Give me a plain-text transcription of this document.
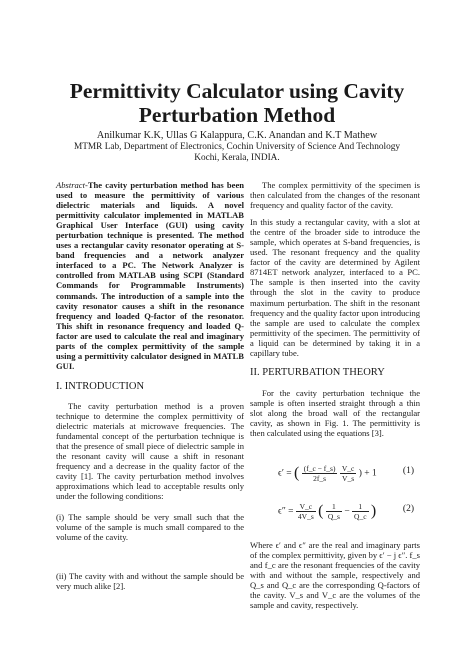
Permittivity Calculator using Cavity Perturbation Method
Anilkumar K.K, Ullas G Kalappura, C.K. Anandan and K.T Mathew
MTMR Lab, Department of Electronics, Cochin University of Science And Technology
Kochi, Kerala, INDIA.

Abstract-The cavity perturbation method has been used to measure the permittivity of various dielectric materials and liquids. A novel permittivity calculator implemented in MATLAB Graphical User Interface (GUI) using cavity perturbation technique is presented. The method uses a rectangular cavity resonator operating at S-band frequencies and a network analyzer interfaced to a PC. The Network Analyzer is controlled from MATLAB using SCPI (Standard Commands for Programmable Instruments) commands. The introduction of a sample into the cavity resonator causes a shift in the resonance frequency and loaded Q-factor of the resonator. This shift in resonance frequency and loaded Q-factor are used to calculate the real and imaginary parts of the complex permittivity of the sample using a permittivity calculator designed in MATLB GUI.

I. INTRODUCTION

The cavity perturbation method is a proven technique to determine the complex permittivity of dielectric materials at microwave frequencies. The fundamental concept of the perturbation technique is that the presence of small piece of dielectric sample in the resonant cavity will cause a shift in resonant frequency and a decrease in the quality factor of the cavity [1]. The cavity perturbation method involves approximations which lead to acceptable results only under the following conditions:

(i) The sample should be very small such that the volume of the sample is much small compared to the volume of the cavity.

(ii) The cavity with and without the sample should be very much alike [2].

The complex permittivity of the specimen is then calculated from the changes of the resonant frequency and quality factor of the cavity.

In this study a rectangular cavity, with a slot at the centre of the broader side to introduce the sample, which operates at S-band frequencies, is used. The resonant frequency and the quality factor of the cavity are determined by Agilent 8714ET network analyzer, interfaced to a PC. The sample is then inserted into the cavity through the slot in the cavity to produce maximum perturbation. The shift in the resonant frequency and the quality factor upon introducing the sample are used to calculate the complex permittivity of the specimen. The permittivity of a liquid can be determined by taking it in a capillary tube.

II. PERTURBATION THEORY

For the cavity perturbation technique the sample is often inserted straight through a thin slot along the broad wall of the rectangular cavity, as shown in Fig. 1. The permittivity is then calculated using the equations [3].

ϵ′ = ( $\frac{(f\_c - f\_s)}{2f\_s}$
$\frac{V\_c}{V\_s}$ ) + 1	(1)
$\epsilon'' = \frac{V\_c}{4V\_s}$ ( $\frac{1}{Q\_s} - \frac{1}{Q\_c}$ )	(2)

Where ϵ′ and ϵ″ are the real and imaginary parts of the complex permittivity, given by ϵ′ − j ϵ″. f_s and f_c are the resonant frequencies of the cavity with and without the sample, respectively and Q_s and Q_c are the corresponding Q-factors of the cavity. V_s and V_c are the volumes of the sample and cavity, respectively.
